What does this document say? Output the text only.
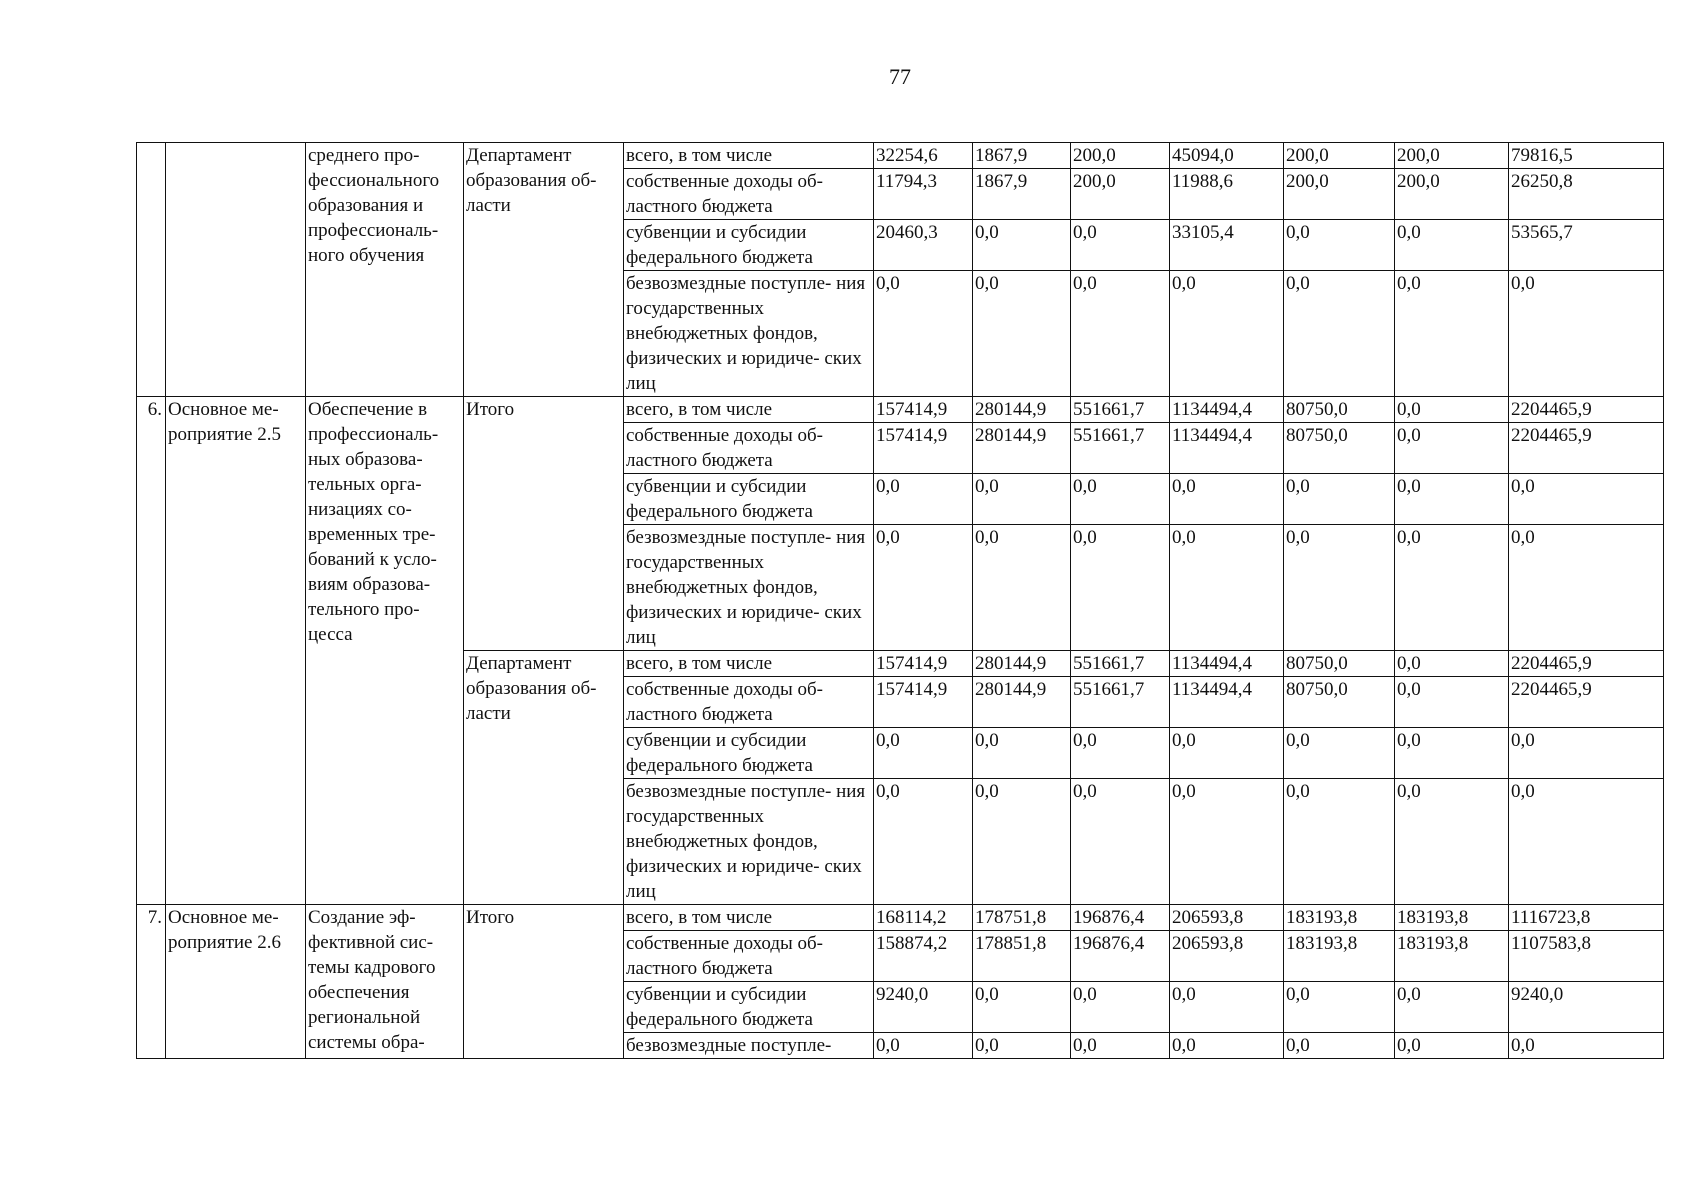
77
		среднего про- фессионального образования и профессиональ- ного обучения	Департамент образования об- ласти	всего, в том числе	32254,6	1867,9	200,0	45094,0	200,0	200,0	79816,5
				собственные доходы об- ластного бюджета	11794,3	1867,9	200,0	11988,6	200,0	200,0	26250,8
				субвенции и субсидии федерального бюджета	20460,3	0,0	0,0	33105,4	0,0	0,0	53565,7
				безвозмездные поступле- ния государственных внебюджетных фондов, физических и юридиче- ских лиц	0,0	0,0	0,0	0,0	0,0	0,0	0,0
6.	Основное ме- роприятие 2.5	Обеспечение в профессиональ- ных образова- тельных орга- низациях со- временных тре- бований к усло- виям образова- тельного про- цесса	Итого	всего, в том числе	157414,9	280144,9	551661,7	1134494,4	80750,0	0,0	2204465,9
				собственные доходы об- ластного бюджета	157414,9	280144,9	551661,7	1134494,4	80750,0	0,0	2204465,9
				субвенции и субсидии федерального бюджета	0,0	0,0	0,0	0,0	0,0	0,0	0,0
				безвозмездные поступле- ния государственных внебюджетных фондов, физических и юридиче- ских лиц	0,0	0,0	0,0	0,0	0,0	0,0	0,0
			Департамент образования об- ласти	всего, в том числе	157414,9	280144,9	551661,7	1134494,4	80750,0	0,0	2204465,9
				собственные доходы об- ластного бюджета	157414,9	280144,9	551661,7	1134494,4	80750,0	0,0	2204465,9
				субвенции и субсидии федерального бюджета	0,0	0,0	0,0	0,0	0,0	0,0	0,0
				безвозмездные поступле- ния государственных внебюджетных фондов, физических и юридиче- ских лиц	0,0	0,0	0,0	0,0	0,0	0,0	0,0
7.	Основное ме- роприятие 2.6	Создание эф- фективной сис- темы кадрового обеспечения региональной системы обра-	Итого	всего, в том числе	168114,2	178751,8	196876,4	206593,8	183193,8	183193,8	1116723,8
				собственные доходы об- ластного бюджета	158874,2	178851,8	196876,4	206593,8	183193,8	183193,8	1107583,8
				субвенции и субсидии федерального бюджета	9240,0	0,0	0,0	0,0	0,0	0,0	9240,0
				безвозмездные поступле-	0,0	0,0	0,0	0,0	0,0	0,0	0,0
